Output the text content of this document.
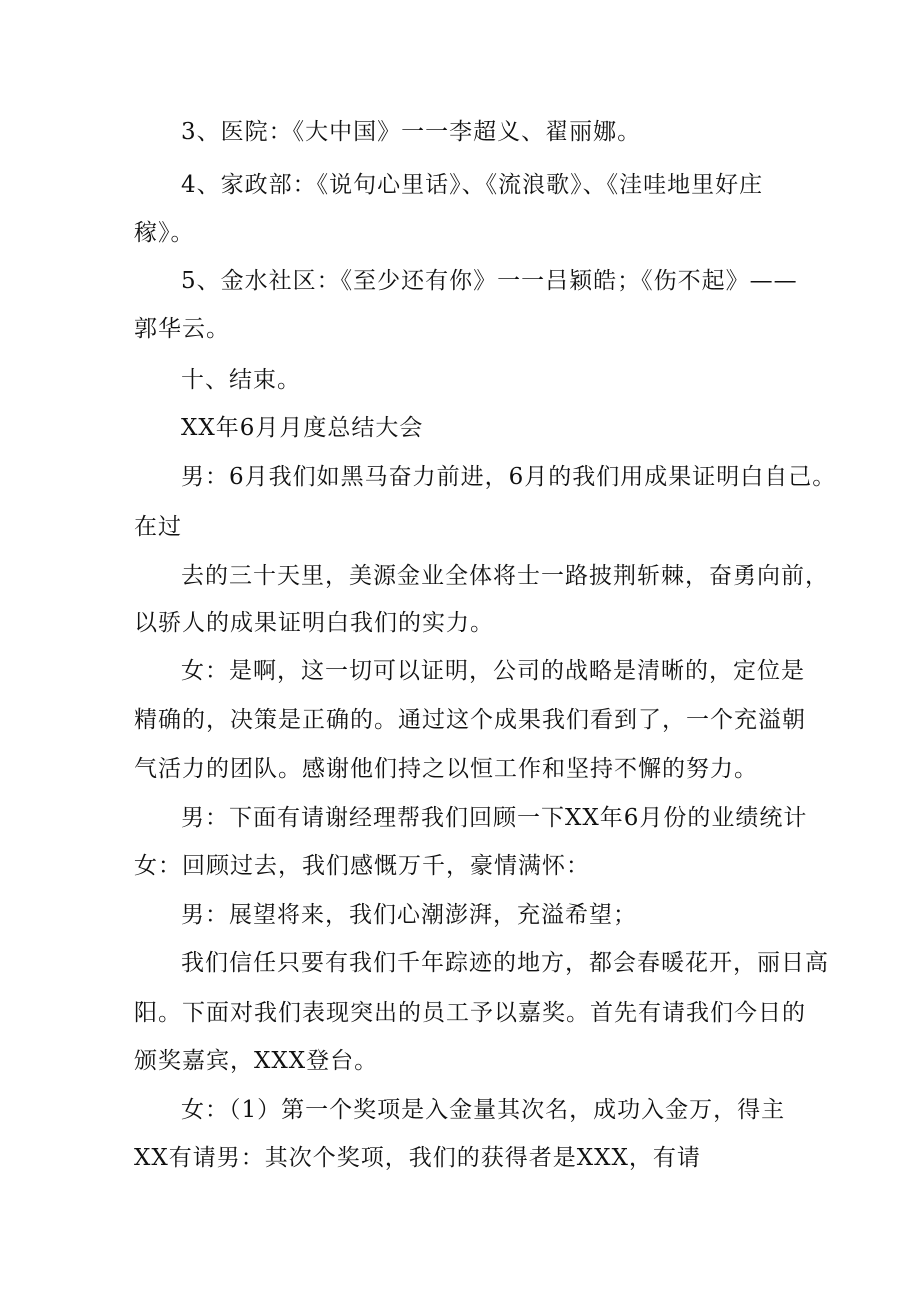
3、医院：《大中国》一一李超义、翟丽娜。
4、家政部：《说句心里话》、《流浪歌》、《洼哇地里好庄
稼》。
5、金水社区：《至少还有你》一一吕颖皓；《伤不起》——
郭华云。
十、结束。
XX年6月月度总结大会
男：6月我们如黑马奋力前进，6月的我们用成果证明白自己。
在过
去的三十天里，美源金业全体将士一路披荆斩棘，奋勇向前，
以骄人的成果证明白我们的实力。
女：是啊，这一切可以证明，公司的战略是清晰的，定位是
精确的，决策是正确的。通过这个成果我们看到了，一个充溢朝
气活力的团队。感谢他们持之以恒工作和坚持不懈的努力。
男：下面有请谢经理帮我们回顾一下XX年6月份的业绩统计
女：回顾过去，我们感慨万千，豪情满怀：
男：展望将来，我们心潮澎湃，充溢希望；
我们信任只要有我们千年踪迹的地方，都会春暖花开，丽日高
阳。下面对我们表现突出的员工予以嘉奖。首先有请我们今日的
颁奖嘉宾，XXX登台。
女：（1）第一个奖项是入金量其次名，成功入金万，得主
XX有请男：其次个奖项，我们的获得者是XXX，有请
